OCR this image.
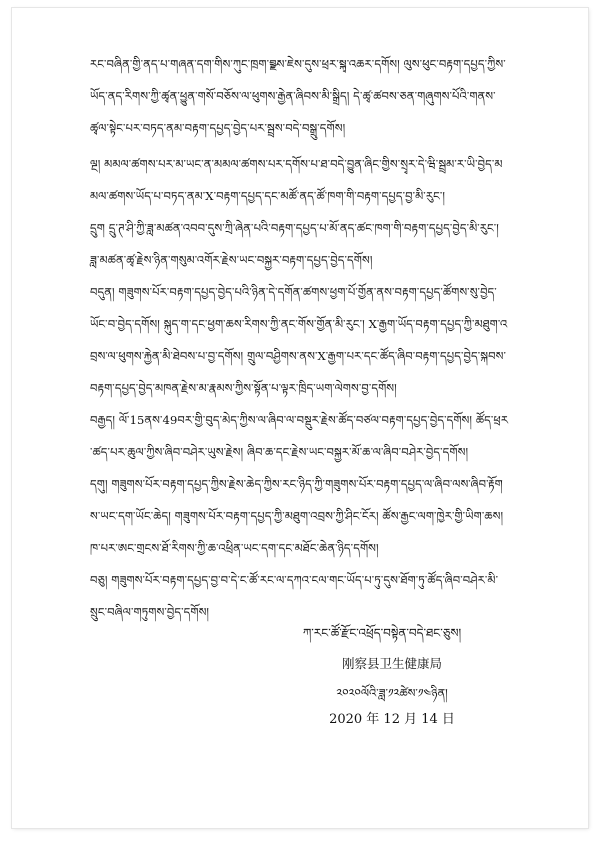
ཪང་བཞིན་གྱི་ནད་པ་གཞན་དག་གིས་ཀུང་ཁྲག་བྲྫས་ཇེས་དུས་ཕྲར་སྲྐྭ་འཆར་དགོས། ལུས་ཕུང་བརྟག་དཔྱད་ཀྱིས་ཡོད་ནད་རིགས་ཀྱི་ཚྭན་ཕྱུན་གསོ་བཅོས་ལ་ཕུགས་རྒྱེན་ཞིབས་མི་སྒྲིད། དེ་ཚྭ་ཚབས་ཅན་གཞུགས་པོའི་གནས་ཚྭལ་སྟེང་པར་བཏད་ནམ་བརྟག་དཔྱད་བྱེད་པར་སྦྲས་བདེ་བསྒྲུ་དགོས།

ལྔ། མམལ་ཚགས་པར་མ་ཡང་ན་མམལ་ཚགས་པར་དགོས་པ་ཐ་བདེ་བྱུན་ཞིང་གྱིས་སྲྭར་དེ་ཝི་སྦྲམ་ར་ཡི་བྱེད་མམལ་ཚགས་ཡོད་པ་བཏད་ནམ་X་བརྟག་དཔྱད་དང་མཚོ་ནད་ཚོ་ཁག་གི་བརྟག་དཔྱད་བྱ་མི་རུང་།

དྲུག དྲུ་ཊ་ཤི་ཀྱི་ཟླ་མཚན་འབབ་དུས་ཀྲི་ཞེན་པའི་བརྟག་དཔྱད་པ་མོ་ནད་ཚང་ཁག་གི་བརྟག་དཔྱད་བྱེད་མི་རུང་། ཟླ་མཚན་ཚྭ་རྗེས་ཉིན་གསུམ་འགོར་རྗེས་ཡང་བསྐྱར་བརྟག་དཔྱད་བྱེད་དགོས།

བདུན། གཟུགས་པོར་བརྟག་དཔྱད་བྱེད་པའི་ཉིན་དེ་དགོན་ཚགས་ཕྱག་པོ་གྱོན་ནས་བརྟག་དཔྱད་ཚོགས་སུ་བྱེད་ཡོང་བ་བྱེད་དགོས། སྐུད་ག་དང་ཕྱག་ཆས་རིགས་ཀྱི་ནང་གོས་གྱོན་མི་རུང་། X་རྒྱག་ཡོད་བརྟག་དཔྱད་ཀྱི་མཐུག་འབྲས་ལ་ཕུགས་རྐྱེན་མི་ཐེབས་པ་བྱ་དགོས། གྲུལ་བཤྱིགས་ནས་X་རྒྱག་པར་དང་ཚོད་ཞིབ་བརྟག་དཔྱད་བྱེད་སྐབས་བརྟག་དཔྱད་བྱེད་མཁན་རྗེས་མ་རྣམས་ཀྱིས་སྟོན་པ་ལྟར་ཁྲིད་ཡག་ལེགས་བྱ་དགོས།

བརྒྱད། ལོ་15ནས་49བར་གྱི་བུད་མེད་ཀྱིས་ལ་ཞིབ་ལ་བསྡུར་རྗེས་ཚོད་བཙལ་བརྟག་དཔྱད་བྱེད་དགོས། ཚོད་ཕྲར་ཚད་པར་ཆུལ་ཀྱིས་ཞིབ་བཤེར་ཡུས་རྗེས། ཞིབ་ཆ་དང་རྗེས་ཡང་བསྐྱར་མོ་ཆ་ལ་ཞིབ་བཤེར་བྱེད་དགོས།

དགུ། གཟུགས་པོར་བརྟག་དཔྱད་ཀྱིས་རྗེས་ཆེད་ཀྱིས་རང་ཉིད་ཀྱི་གཟུགས་པོར་བརྟག་དཔྱད་ལ་ཞིབ་ལས་ཞིབ་རྟོགས་ཡང་དག་ཡོང་ཆེད། གཟུགས་པོར་བརྟག་དཔྱད་ཀྱི་མཐུག་འབྲས་ཀྱི་ཤིང་ངོར། ཚོས་རྒྱང་ལག་ཁྱེར་གྱི་ཡིག་ཆས། ཁ་པར་ཨང་གྲངས་ཐོ་རིགས་ཀྱི་ཆ་འཕྲིན་ཡང་དག་དང་མཐོང་ཆེན་ཉིད་དགོས།

བཅུ། གཟུགས་པོར་བརྟག་དཔྱད་བྱ་བ་དེ་ང་ཚོ་རང་ལ་དཀའ་ངལ་གང་ཡོད་པ་ཏུ་དུས་ཐོག་ཏུ་ཚོད་ཞིབ་བཤེར་མི་སྲུང་བཞིལ་གཏུགས་བྱེད་དགོས།

ཀ་རང་ཚོ་རྫོང་འཕྲོད་བསྟེན་བདེ་ཐང་ཅུས།
刚察县卫生健康局
༢༠༢༠ལོའི་ཟླ་༡༢ཚེས་༡༤ཉིན།
2020 年 12 月 14 日
